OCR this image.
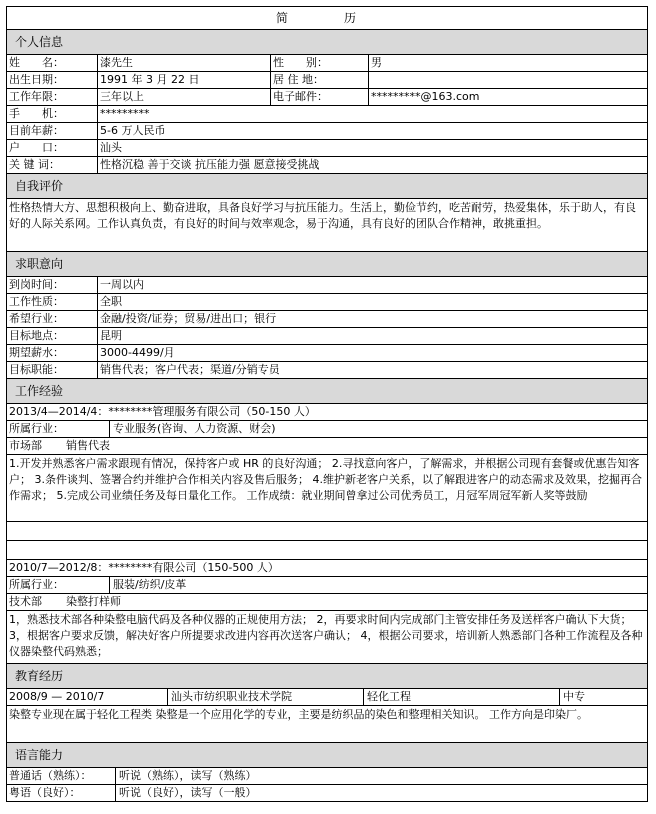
简　历
个人信息
姓　　名：	漆先生	性　　别：	男
出生日期：	1991 年 3 月 22 日	居 住 地：
工作年限：	三年以上	电子邮件：	*********@163.com
手　　机：	*********
目前年薪：	5-6 万人民币
户　　口：	汕头
关 键 词：	性格沉稳 善于交谈 抗压能力强 愿意接受挑战
自我评价
性格热情大方、思想积极向上、勤奋进取，具备良好学习与抗压能力。生活上，勤俭节约，吃苦耐劳，热爱集体，乐于助人，有良好的人际关系网。工作认真负责，有良好的时间与效率观念，易于沟通，具有良好的团队合作精神，敢挑重担。
求职意向
到岗时间：	一周以内
工作性质：	全职
希望行业：	金融/投资/证券；贸易/进出口；银行
目标地点：	昆明
期望薪水：	3000-4499/月
目标职能：	销售代表；客户代表；渠道/分销专员
工作经验
2013/4—2014/4：********管理服务有限公司（50-150 人）
所属行业：	专业服务(咨询、人力资源、财会)
市场部 销售代表
1.开发并熟悉客户需求跟现有情况，保持客户或 HR 的良好沟通； 2.寻找意向客户，了解需求，并根据公司现有套餐或优惠告知客户； 3.条件谈判、签署合约并维护合作相关内容及售后服务； 4.维护新老客户关系，以了解跟进客户的动态需求及效果，挖掘再合作需求； 5.完成公司业绩任务及每日量化工作。 工作成绩：就业期间曾拿过公司优秀员工，月冠军周冠军新人奖等鼓励
2010/7—2012/8：********有限公司（150-500 人）
所属行业：	服装/纺织/皮革
技术部 染整打样师
1，熟悉技术部各种染整电脑代码及各种仪器的正规使用方法； 2，再要求时间内完成部门主管安排任务及送样客户确认下大货； 3，根据客户要求反馈，解决好客户所提要求改进内容再次送客户确认； 4，根据公司要求，培训新人熟悉部门各种工作流程及各种仪器染整代码熟悉；
教育经历
2008/9 — 2010/7	汕头市纺织职业技术学院	轻化工程	中专
染整专业现在属于轻化工程类 染整是一个应用化学的专业，主要是纺织品的染色和整理相关知识。 工作方向是印染厂。
语言能力
普通话（熟练）：	听说（熟练），读写（熟练）
粤语（良好）：	听说（良好），读写（一般）
